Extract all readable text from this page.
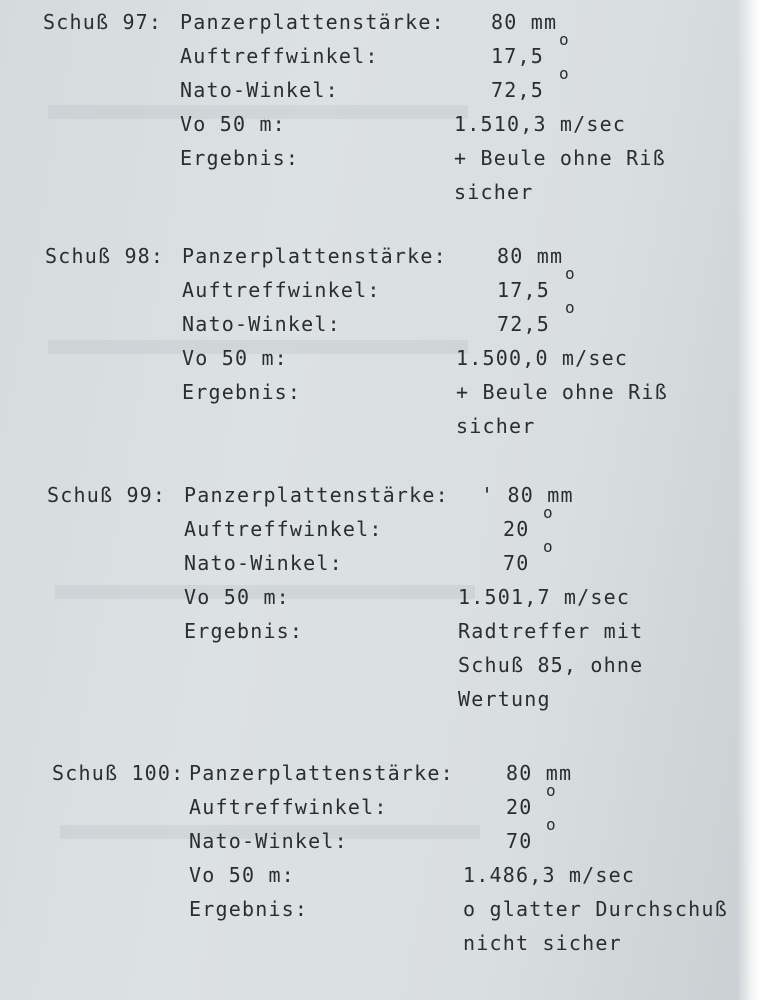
Schuß 97: Panzerplattenstärke: 80 mm
Auftreffwinkel:	17,5
o
Nato-Winkel:	72,5
o
Vo 50 m:	1.510,3 m/sec
Ergebnis:	+ Beule ohne Riß
sicher
Schuß 98: Panzerplattenstärke:	80 mm
Auftreffwinkel:	17,5
o
Nato-Winkel:	72,5
o
Vo 50 m:	1.500,0 m/sec
Ergebnis:	+ Beule ohne Riß
sicher
Schuß 99: Panzerplattenstärke: ' 80 mm
Auftreffwinkel:	20
o
Nato-Winkel:	70
o
Vo 50 m:	1.501,7 m/sec
Ergebnis:	Radtreffer mit
Schuß 85, ohne
Wertung
Schuß 100: Panzerplattenstärke:	80 mm
Auftreffwinkel:	20
o
Nato-Winkel:	70
o
Vo 50 m:	1.486,3 m/sec
Ergebnis:	o glatter Durchschuß
nicht sicher
